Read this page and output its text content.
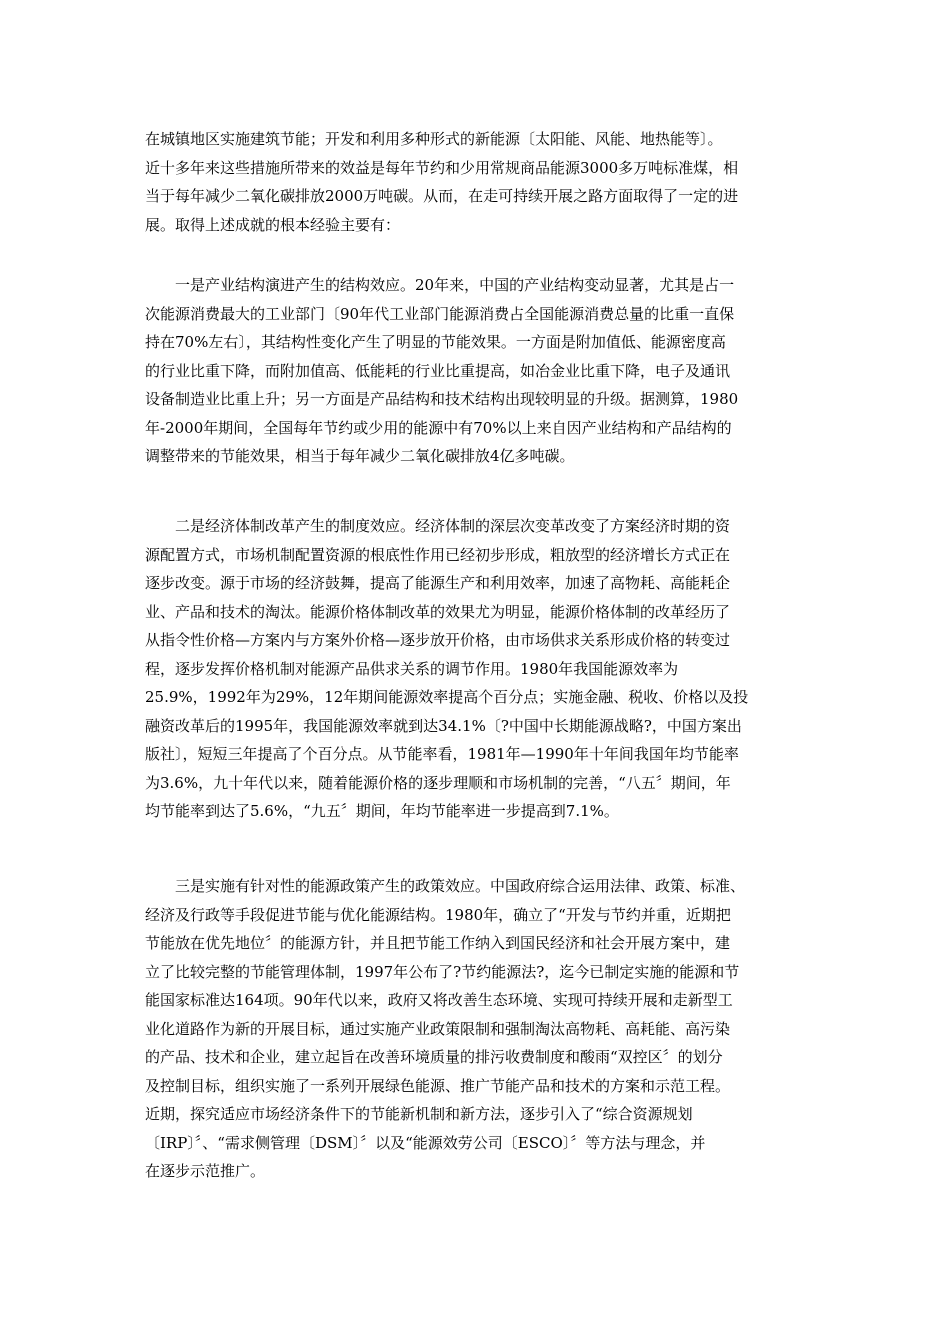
在城镇地区实施建筑节能；开发和利用多种形式的新能源〔太阳能、风能、地热能等〕。
近十多年来这些措施所带来的效益是每年节约和少用常规商品能源3000多万吨标准煤，相
当于每年减少二氧化碳排放2000万吨碳。从而，在走可持续开展之路方面取得了一定的进
展。取得上述成就的根本经验主要有：
一是产业结构演进产生的结构效应。20年来，中国的产业结构变动显著，尤其是占一
次能源消费最大的工业部门〔90年代工业部门能源消费占全国能源消费总量的比重一直保
持在70%左右〕，其结构性变化产生了明显的节能效果。一方面是附加值低、能源密度高
的行业比重下降，而附加值高、低能耗的行业比重提高，如冶金业比重下降，电子及通讯
设备制造业比重上升；另一方面是产品结构和技术结构出现较明显的升级。据测算，1980
年-2000年期间，全国每年节约或少用的能源中有70%以上来自因产业结构和产品结构的
调整带来的节能效果，相当于每年减少二氧化碳排放4亿多吨碳。
二是经济体制改革产生的制度效应。经济体制的深层次变革改变了方案经济时期的资
源配置方式，市场机制配置资源的根底性作用已经初步形成，粗放型的经济增长方式正在
逐步改变。源于市场的经济鼓舞，提高了能源生产和利用效率，加速了高物耗、高能耗企
业、产品和技术的淘汰。能源价格体制改革的效果尤为明显，能源价格体制的改革经历了
从指令性价格—方案内与方案外价格—逐步放开价格，由市场供求关系形成价格的转变过
程，逐步发挥价格机制对能源产品供求关系的调节作用。1980年我国能源效率为
25.9%，1992年为29%，12年期间能源效率提高个百分点；实施金融、税收、价格以及投
融资改革后的1995年，我国能源效率就到达34.1%〔?中国中长期能源战略?，中国方案出
版社〕，短短三年提高了个百分点。从节能率看，1981年—1990年十年间我国年均节能率
为3.6%，九十年代以来，随着能源价格的逐步理顺和市场机制的完善，“八五〞期间，年
均节能率到达了5.6%，“九五〞期间，年均节能率进一步提高到7.1%。
三是实施有针对性的能源政策产生的政策效应。中国政府综合运用法律、政策、标准、
经济及行政等手段促进节能与优化能源结构。1980年，确立了“开发与节约并重，近期把
节能放在优先地位〞的能源方针，并且把节能工作纳入到国民经济和社会开展方案中，建
立了比较完整的节能管理体制，1997年公布了?节约能源法?，迄今已制定实施的能源和节
能国家标准达164项。90年代以来，政府又将改善生态环境、实现可持续开展和走新型工
业化道路作为新的开展目标，通过实施产业政策限制和强制淘汰高物耗、高耗能、高污染
的产品、技术和企业，建立起旨在改善环境质量的排污收费制度和酸雨“双控区〞的划分
及控制目标，组织实施了一系列开展绿色能源、推广节能产品和技术的方案和示范工程。
近期，探究适应市场经济条件下的节能新机制和新方法，逐步引入了“综合资源规划
〔IRP〕〞、“需求侧管理〔DSM〕〞以及“能源效劳公司〔ESCO〕〞等方法与理念，并
在逐步示范推广。
